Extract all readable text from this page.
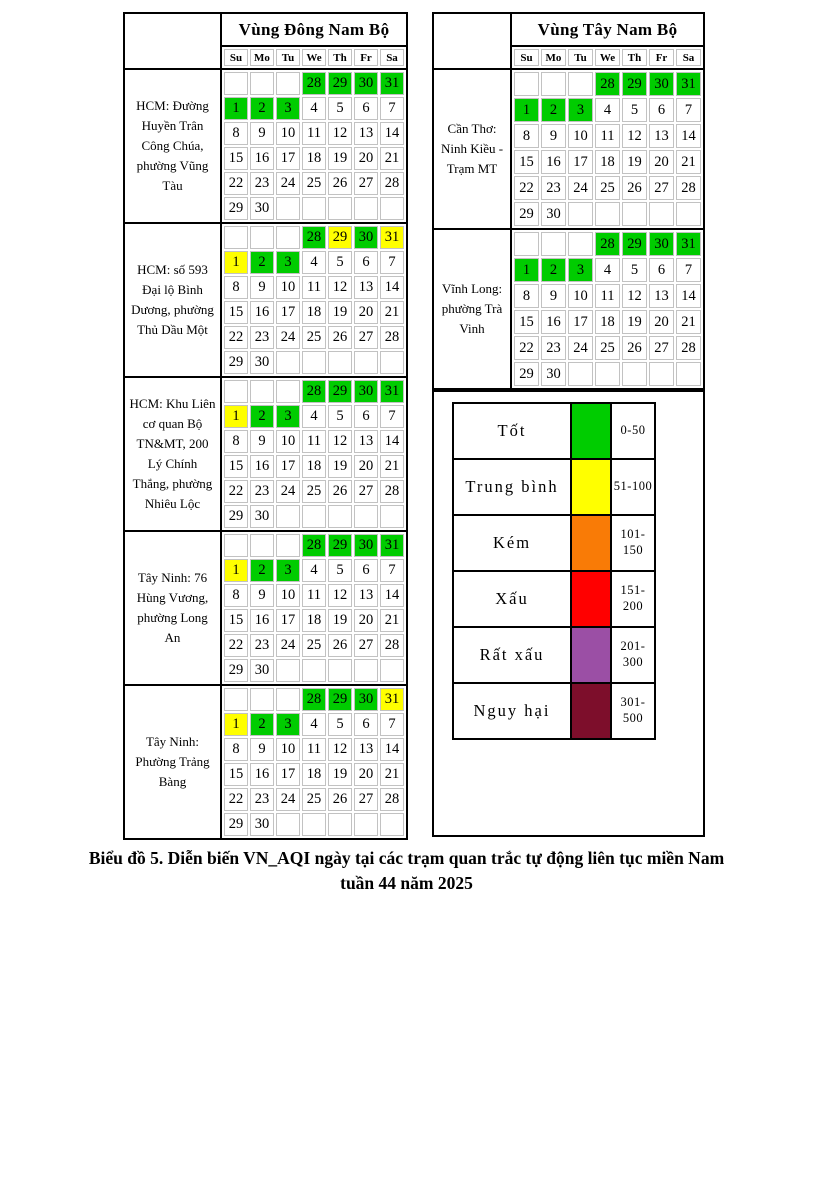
Vùng Đông Nam Bộ
Su	Mo	Tu	We	Th	Fr	Sa
HCM: Đường Huyền Trân Công Chúa, phường Vũng Tàu
			28	29	30	31
1	2	3	4	5	6	7
8	9	10	11	12	13	14
15	16	17	18	19	20	21
22	23	24	25	26	27	28
29	30					
HCM: số 593 Đại lộ Bình Dương, phường Thủ Dầu Một
			28	29	30	31
1	2	3	4	5	6	7
8	9	10	11	12	13	14
15	16	17	18	19	20	21
22	23	24	25	26	27	28
29	30					
HCM: Khu Liên cơ quan Bộ TN&MT, 200 Lý Chính Thắng, phường Nhiêu Lộc
			28	29	30	31
1	2	3	4	5	6	7
8	9	10	11	12	13	14
15	16	17	18	19	20	21
22	23	24	25	26	27	28
29	30					
Tây Ninh: 76 Hùng Vương, phường Long An
			28	29	30	31
1	2	3	4	5	6	7
8	9	10	11	12	13	14
15	16	17	18	19	20	21
22	23	24	25	26	27	28
29	30					
Tây Ninh: Phường Trảng Bàng
			28	29	30	31
1	2	3	4	5	6	7
8	9	10	11	12	13	14
15	16	17	18	19	20	21
22	23	24	25	26	27	28
29	30					
Vùng Tây Nam Bộ
Su	Mo	Tu	We	Th	Fr	Sa
Cần Thơ: Ninh Kiều - Trạm MT
			28	29	30	31
1	2	3	4	5	6	7
8	9	10	11	12	13	14
15	16	17	18	19	20	21
22	23	24	25	26	27	28
29	30					
Vĩnh Long: phường Trà Vinh
			28	29	30	31
1	2	3	4	5	6	7
8	9	10	11	12	13	14
15	16	17	18	19	20	21
22	23	24	25	26	27	28
29	30					
Tốt		0-50
Trung bình		51-100
Kém		101-150
Xấu		151-200
Rất xấu		201-300
Nguy hại		301-500
Biểu đồ 5. Diễn biến VN_AQI ngày tại các trạm quan trắc tự động liên tục miền Nam
tuần 44 năm 2025
